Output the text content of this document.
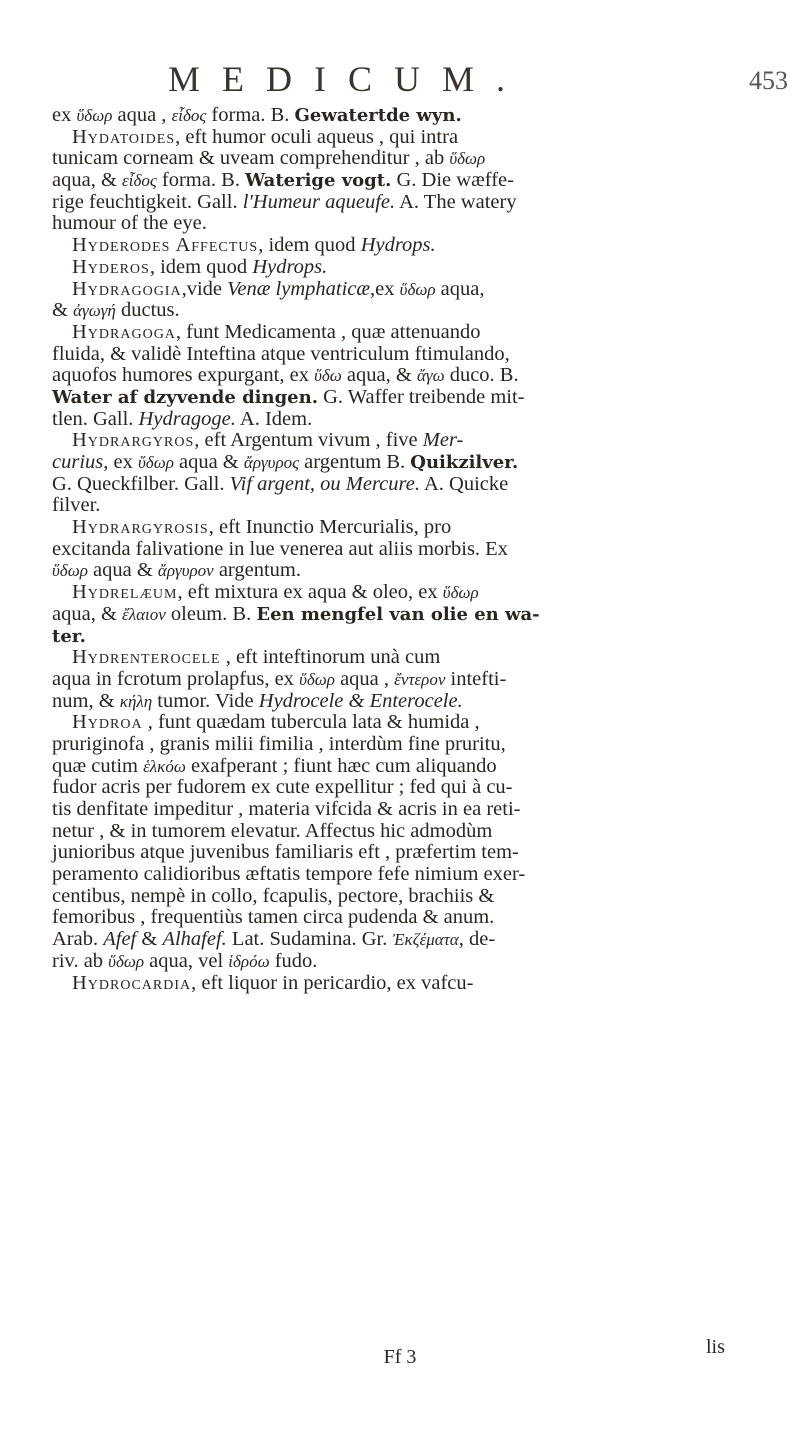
MEDICUM.	453
ex ὕδωρ aqua , εἶδος forma. B. Gewatertde wyn.
Hydatoides, eft humor oculi aqueus , qui intra
tunicam corneam & uveam comprehenditur , ab ὕδωρ
aqua, & εἶδος forma. B. Waterige vogt. G. Die wæffe-
rige feuchtigkeit. Gall. l'Humeur aqueufe. A. The watery
humour of the eye.
Hyderodes Affectus, idem quod Hydrops.
Hyderos, idem quod Hydrops.
Hydragogia,vide Venæ lymphaticæ,ex ὕδωρ aqua,
& ἀγωγή ductus.
Hydragoga, funt Medicamenta , quæ attenuando
fluida, & validè Inteftina atque ventriculum ftimulando,
aquofos humores expurgant, ex ὕδω aqua, & ἄγω duco. B.
Water af dzyvende dingen. G. Waffer treibende mit-
tlen. Gall. Hydragoge. A. Idem.
Hydrargyros, eft Argentum vivum , five Mer-
curius, ex ὕδωρ aqua & ἄργυρος argentum B. Quikzilver.
G. Queckfilber. Gall. Vif argent, ou Mercure. A. Quicke
filver.
Hydrargyrosis, eft Inunctio Mercurialis, pro
excitanda falivatione in lue venerea aut aliis morbis. Ex
ὕδωρ aqua & ἄργυρον argentum.
Hydrelæum, eft mixtura ex aqua & oleo, ex ὕδωρ
aqua, & ἔλαιον oleum. B. Een mengfel van olie en wa-
ter.
Hydrenterocele , eft inteftinorum unà cum
aqua in fcrotum prolapfus, ex ὕδωρ aqua , ἔντερον intefti-
num, & κήλη tumor. Vide Hydrocele & Enterocele.
Hydroa , funt quædam tubercula lata & humida ,
pruriginofa , granis milii fimilia , interdùm fine pruritu,
quæ cutim ἑλκόω exafperant ; fiunt hæc cum aliquando
fudor acris per fudorem ex cute expellitur ; fed qui à cu-
tis denfitate impeditur , materia vifcida & acris in ea reti-
netur , & in tumorem elevatur. Affectus hic admodùm
junioribus atque juvenibus familiaris eft , præfertim tem-
peramento calidioribus æftatis tempore fefe nimium exer-
centibus, nempè in collo, fcapulis, pectore, brachiis &
femoribus , frequentiùs tamen circa pudenda & anum.
Arab. Afef & Alhafef. Lat. Sudamina. Gr. Ἐκζέματα, de-
riv. ab ὕδωρ aqua, vel ἱδρόω fudo.
Hydrocardia, eft liquor in pericardio, ex vafcu-
Ff 3	lis
